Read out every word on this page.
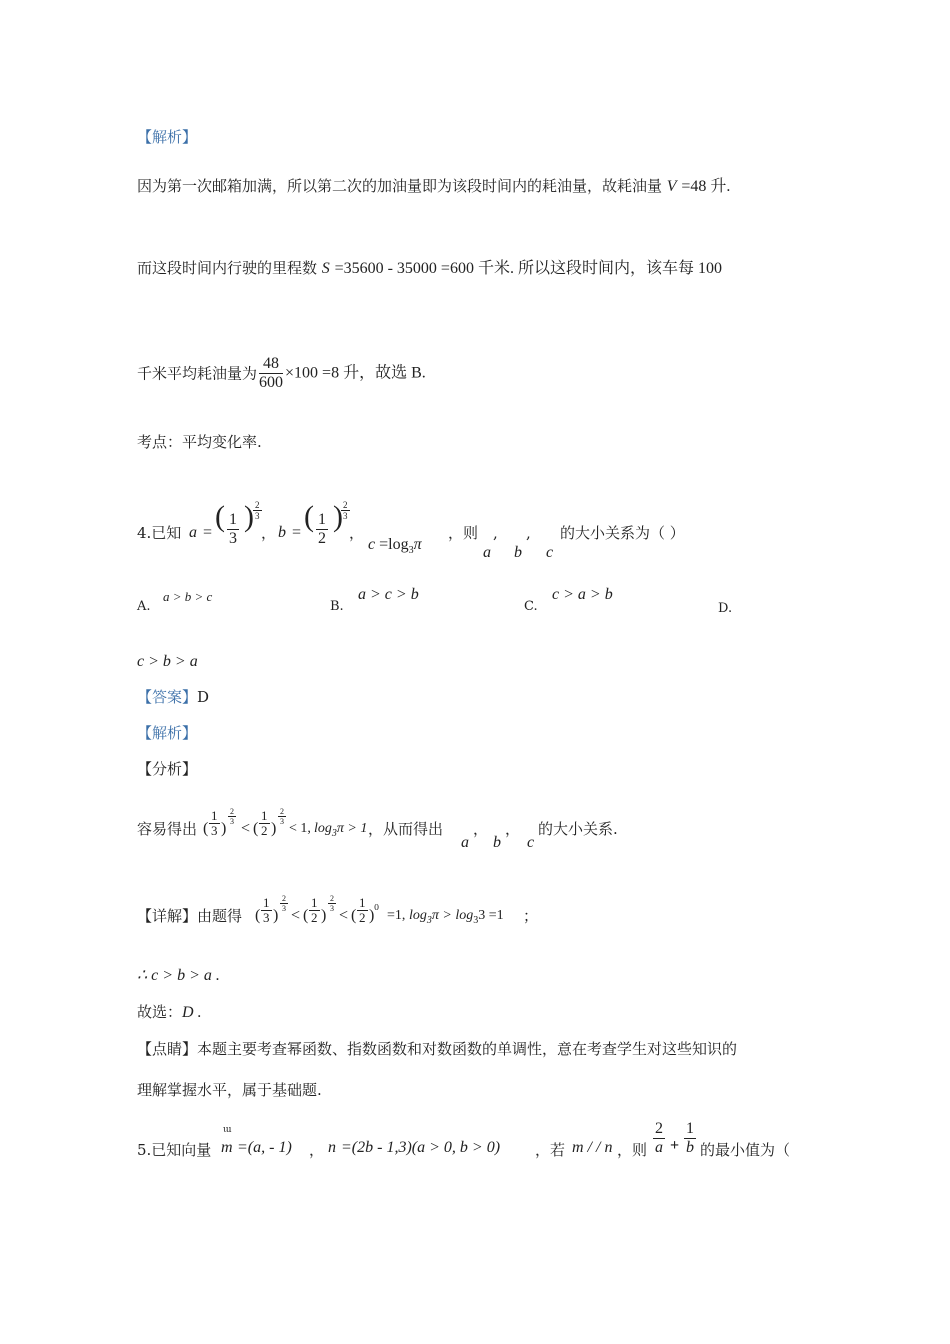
【解析】
因为第一次邮箱加满，所以第二次的加油量即为该段时间内的耗油量，故耗油量 V =48 升.
而这段时间内行驶的里程数 S =35600 - 35000 =600 千米. 所以这段时间内，该车每 100
千米平均耗油量为 $\frac{48}{600} \times 100 =8$ 升，故选 B.
考点：平均变化率.
4.已知 a = ( $\frac{1}{3}$ ) $\frac{2}{3}$
， b = ( $\frac{1}{2}$ )
$\frac{2}{3}$
，
$c =\log_3\pi$
，则
a
,
b
,
c
的大小关系为（ ）
A.
a > b > c
B.
a > c > b
C.
c > a > b
D.
c > b > a
【答案】D
【解析】
【分析】
容易得出 ( $\frac{1}{3}$ )
$\frac{2}{3}$
< ( $\frac{1}{2}$ )
$\frac{2}{3}$
< 1, $\log_3\pi > 1$ ，从而得出
a
，
b
，
c
的大小关系.
【详解】由题得 ( $\frac{1}{3}$ )
$\frac{2}{3}$
< ( $\frac{1}{2}$ )
$\frac{2}{3}$
< ( $\frac{1}{2}$ ) 0
=1, $\log_3\pi > \log_33 =1$ ；
∴ c > b > a .
故选：D .
【点睛】本题主要考查幂函数、指数函数和对数函数的单调性，意在考查学生对这些知识的
理解掌握水平，属于基础题.
5.已知向量
ա
m =(a, - 1) ， n =(2b - 1,3)(a > 0, b > 0) ，若 m / / n ，则 $\frac{2}{a} + \frac{1}{b}$ 的最小值为（
